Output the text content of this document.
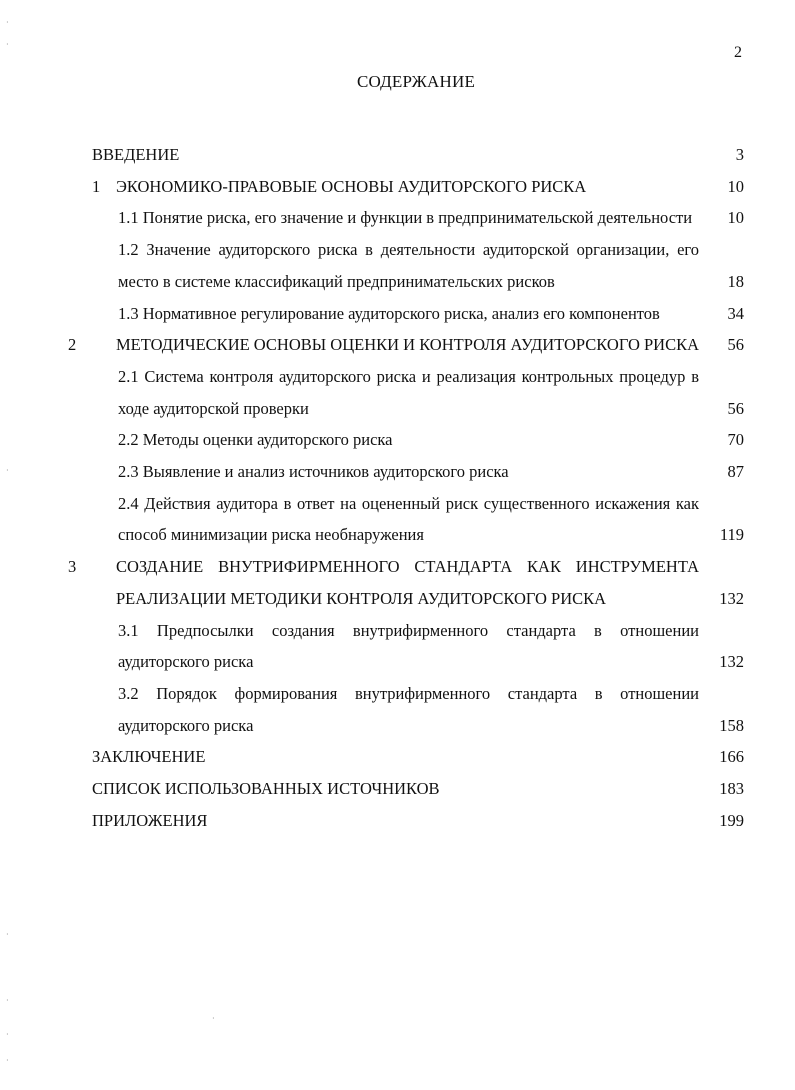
2
СОДЕРЖАНИЕ
ВВЕДЕНИЕ	3
1 ЭКОНОМИКО-ПРАВОВЫЕ ОСНОВЫ АУДИТОРСКОГО РИСКА	10
1.1 Понятие риска, его значение и функции в предпринимательской деятельности	10
1.2 Значение аудиторского риска в деятельности аудиторской организации, его место в системе классификаций предпринимательских рисков	18
1.3 Нормативное регулирование аудиторского риска, анализ его компонентов	34
2 МЕТОДИЧЕСКИЕ ОСНОВЫ ОЦЕНКИ И КОНТРОЛЯ АУДИТОРСКОГО РИСКА	56
2.1 Система контроля аудиторского риска и реализация контрольных процедур в ходе аудиторской проверки	56
2.2 Методы оценки аудиторского риска	70
2.3 Выявление и анализ источников аудиторского риска	87
2.4 Действия аудитора в ответ на оцененный риск существенного искажения как способ минимизации риска необнаружения	119
3 СОЗДАНИЕ ВНУТРИФИРМЕННОГО СТАНДАРТА КАК ИНСТРУМЕНТА РЕАЛИЗАЦИИ МЕТОДИКИ КОНТРОЛЯ АУДИТОРСКОГО РИСКА	132
3.1 Предпосылки создания внутрифирменного стандарта в отношении аудиторского риска	132
3.2 Порядок формирования внутрифирменного стандарта в отношении аудиторского риска	158
ЗАКЛЮЧЕНИЕ	166
СПИСОК ИСПОЛЬЗОВАННЫХ ИСТОЧНИКОВ	183
ПРИЛОЖЕНИЯ	199
·
·
·
·
·
·
·
·
